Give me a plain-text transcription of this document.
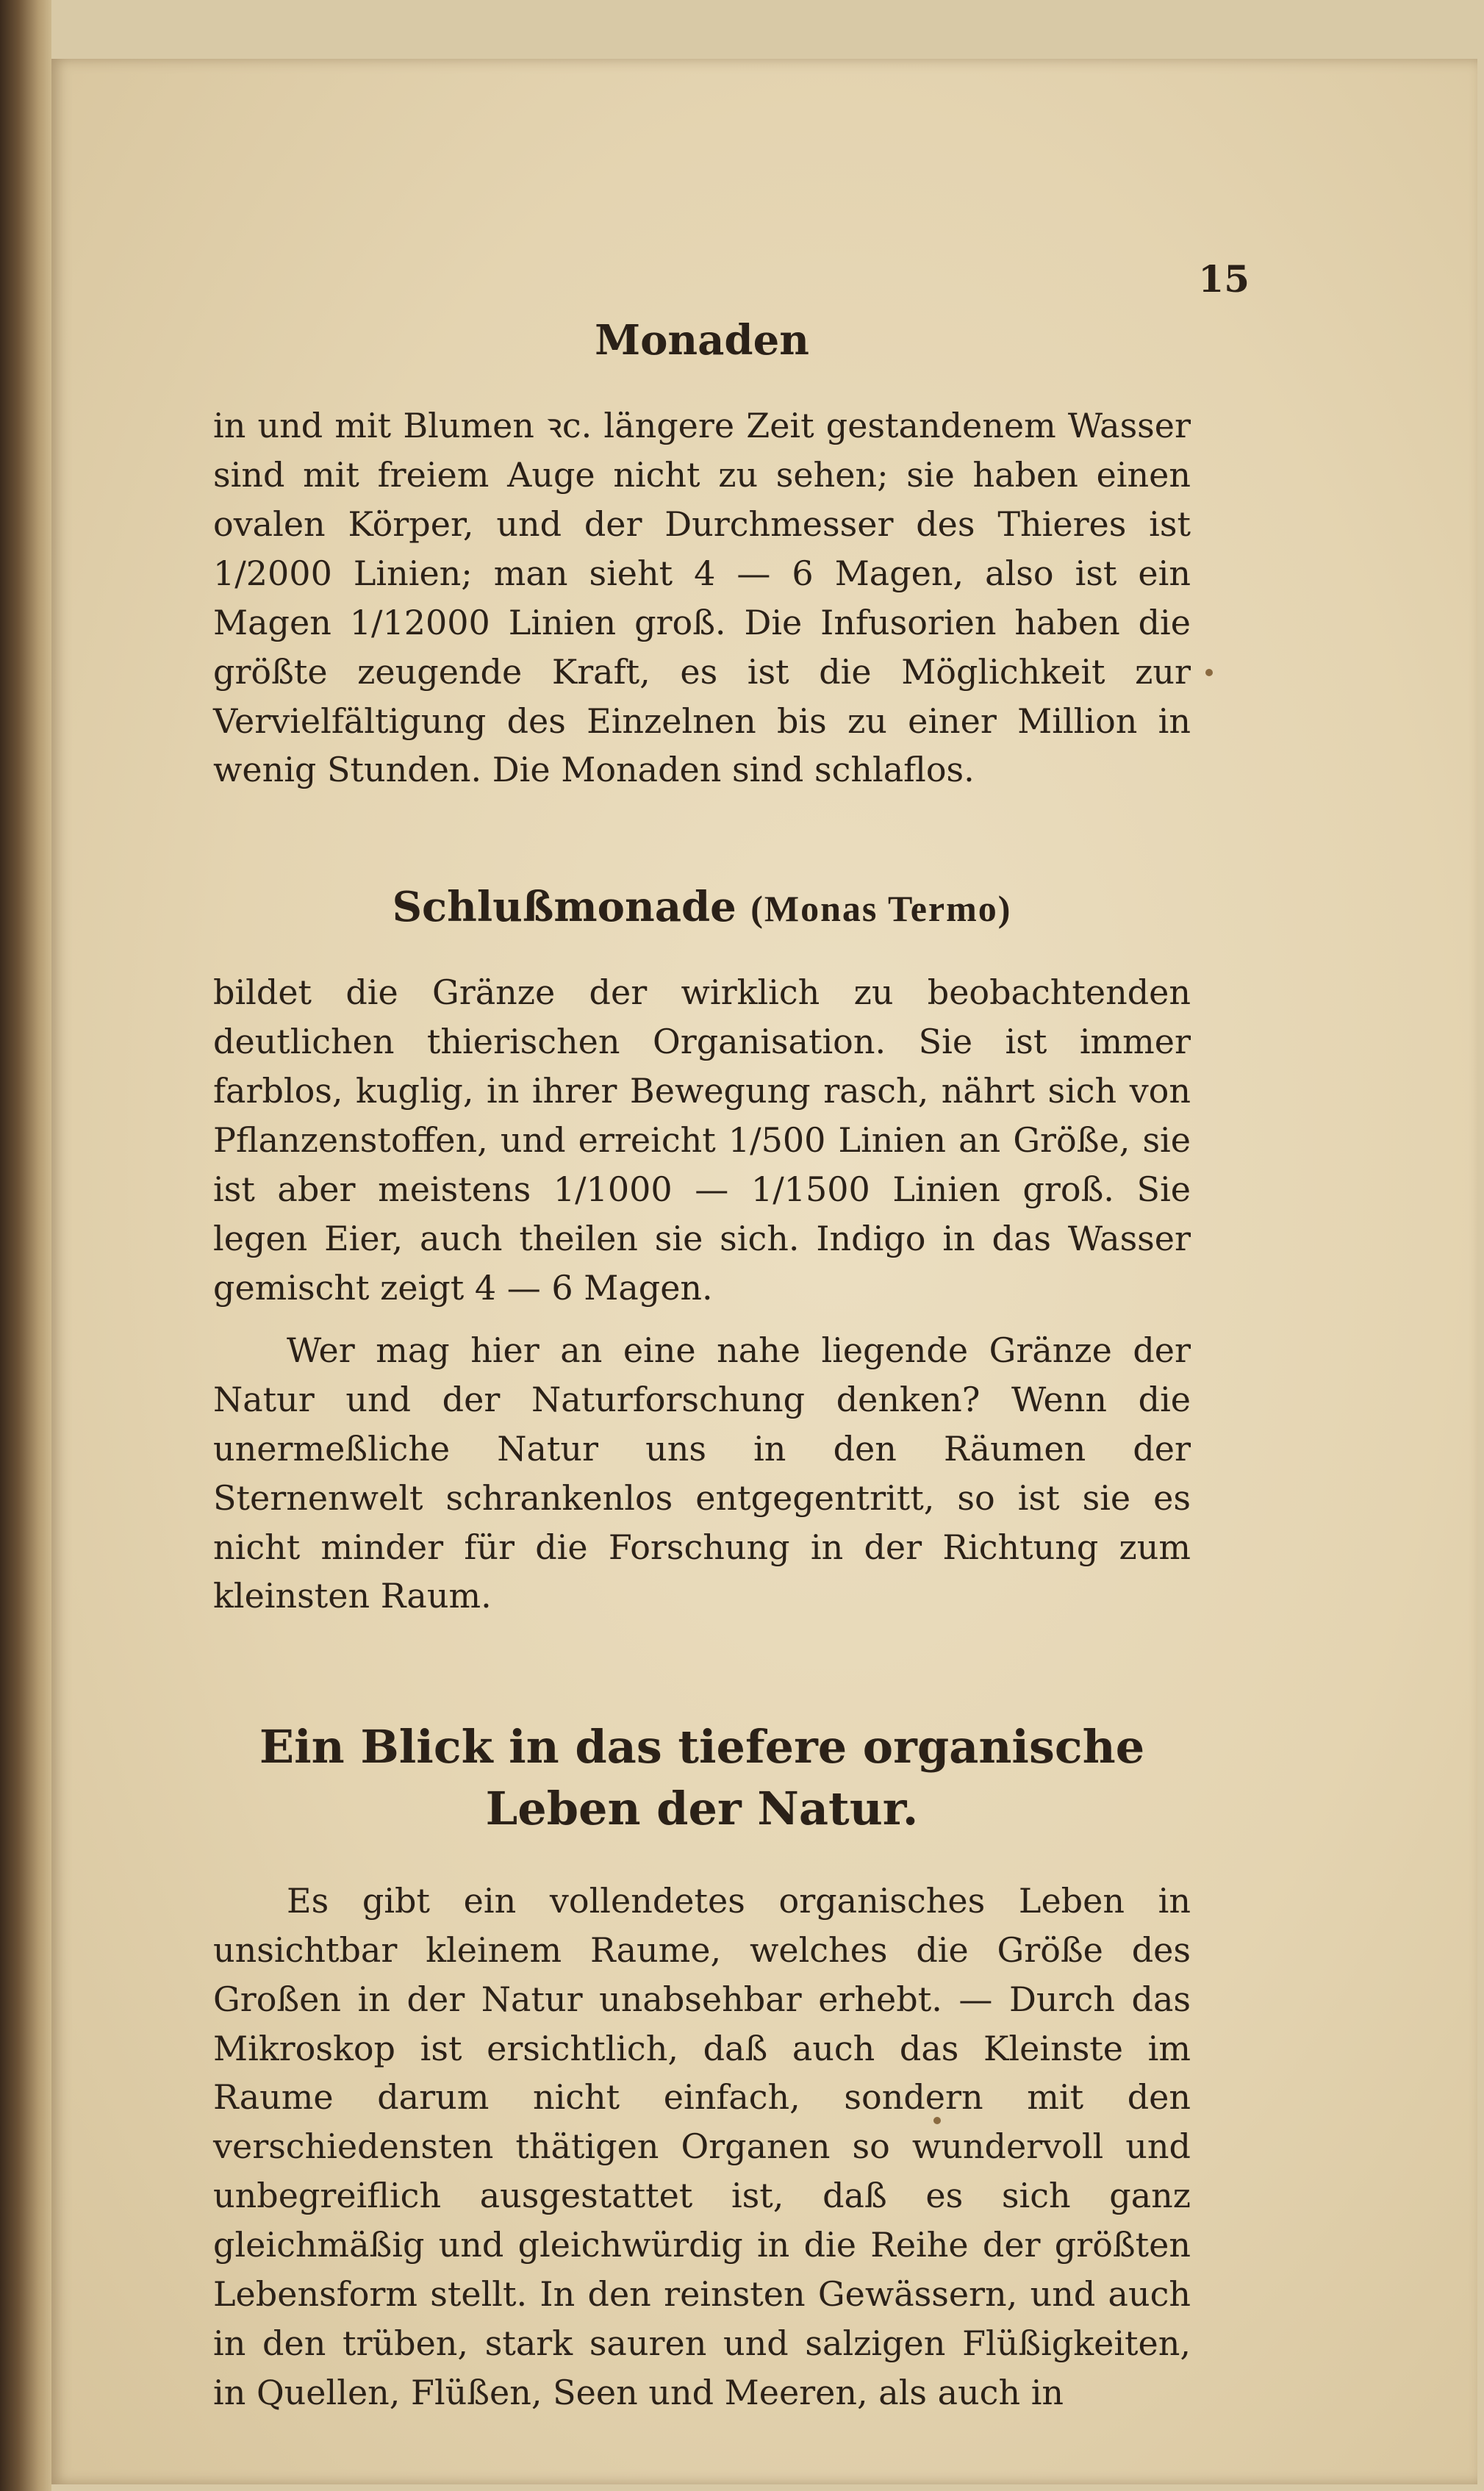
15
Monaden

in und mit Blumen ꝛc. längere Zeit gestandenem Wasser sind mit freiem Auge nicht zu sehen; sie haben einen ovalen Körper, und der Durchmesser des Thieres ist 1/2000 Linien; man sieht 4 — 6 Magen, also ist ein Magen 1/12000 Linien groß. Die Infusorien haben die größte zeugende Kraft, es ist die Möglichkeit zur Vervielfältigung des Einzelnen bis zu einer Million in wenig Stunden. Die Monaden sind schlaflos.

Schlußmonade (Monas Termo)

bildet die Gränze der wirklich zu beobachtenden deutlichen thierischen Organisation. Sie ist immer farblos, kuglig, in ihrer Bewegung rasch, nährt sich von Pflanzenstoffen, und erreicht 1/500 Linien an Größe, sie ist aber meistens 1/1000 — 1/1500 Linien groß. Sie legen Eier, auch theilen sie sich. Indigo in das Wasser gemischt zeigt 4 — 6 Magen.

Wer mag hier an eine nahe liegende Gränze der Natur und der Naturforschung denken? Wenn die unermeßliche Natur uns in den Räumen der Sternenwelt schrankenlos entgegentritt, so ist sie es nicht minder für die Forschung in der Richtung zum kleinsten Raum.

Ein Blick in das tiefere organische Leben der Natur.

Es gibt ein vollendetes organisches Leben in unsichtbar kleinem Raume, welches die Größe des Großen in der Natur unabsehbar erhebt. — Durch das Mikroskop ist ersichtlich, daß auch das Kleinste im Raume darum nicht einfach, sondern mit den verschiedensten thätigen Organen so wundervoll und unbegreiflich ausgestattet ist, daß es sich ganz gleichmäßig und gleichwürdig in die Reihe der größten Lebensform stellt. In den reinsten Gewässern, und auch in den trüben, stark sauren und salzigen Flüßigkeiten, in Quellen, Flüßen, Seen und Meeren, als auch in
